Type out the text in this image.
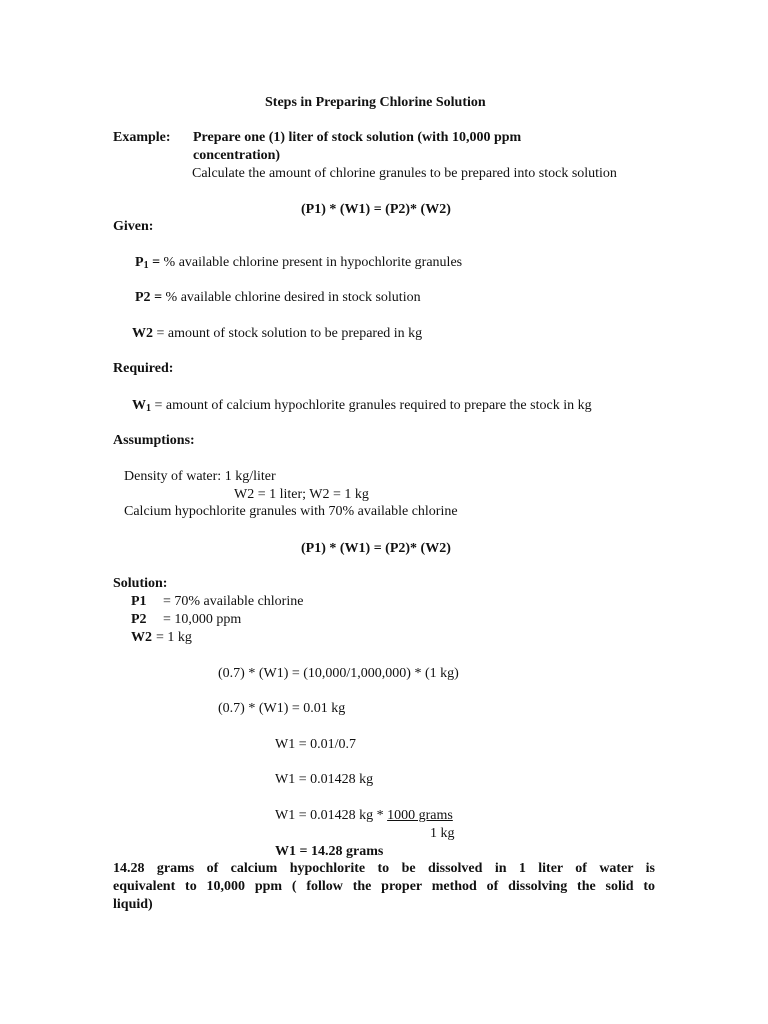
Steps in Preparing Chlorine Solution
Example: Prepare one (1) liter of stock solution (with 10,000 ppm
concentration)
Calculate the amount of chlorine granules to be prepared into stock solution
(P1) * (W1) = (P2)* (W2)
Given:
$P_1$ = % available chlorine present in hypochlorite granules
P2 = % available chlorine desired in stock solution
W2 = amount of stock solution to be prepared in kg
Required:
$W_1$ = amount of calcium hypochlorite granules required to prepare the stock in kg
Assumptions:
Density of water: 1 kg/liter
W2 = 1 liter; W2 = 1 kg
Calcium hypochlorite granules with 70% available chlorine
(P1) * (W1) = (P2)* (W2)
Solution:
P1 = 70% available chlorine
P2 = 10,000 ppm
W2 = 1 kg
(0.7) * (W1) = (10,000/1,000,000) * (1 kg)
(0.7) * (W1) = 0.01 kg
W1 = 0.01/0.7
W1 = 0.01428 kg
W1 = 0.01428 kg * 1000 grams
1 kg
W1 = 14.28 grams
14.28 grams of calcium hypochlorite to be dissolved in 1 liter of water is
equivalent to 10,000 ppm ( follow the proper method of dissolving the solid to
liquid)
